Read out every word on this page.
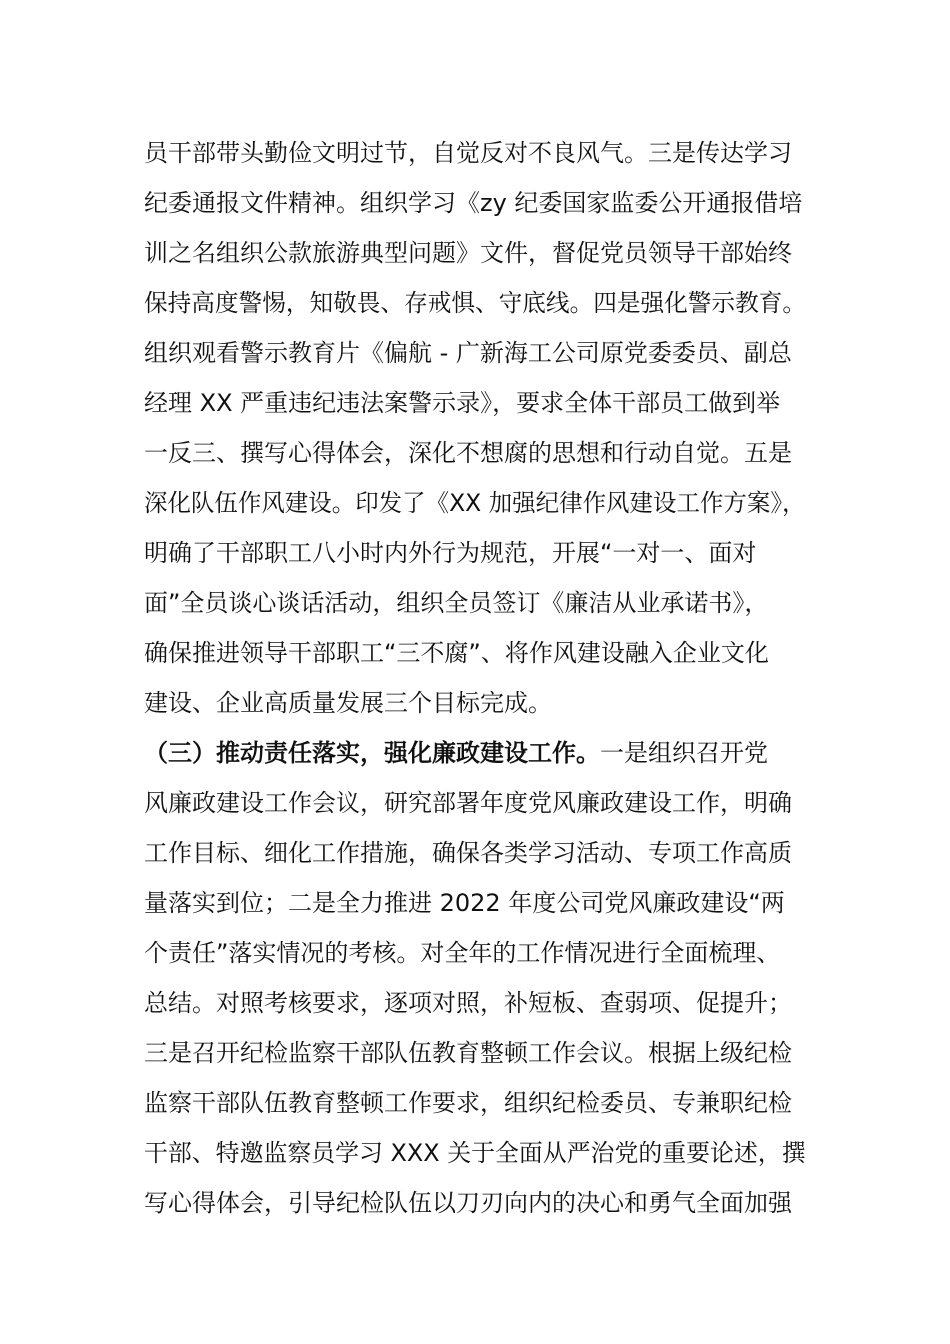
员干部带头勤俭文明过节，自觉反对不良风气。三是传达学习
纪委通报文件精神。组织学习《zy 纪委国家监委公开通报借培
训之名组织公款旅游典型问题》文件，督促党员领导干部始终
保持高度警惕，知敬畏、存戒惧、守底线。四是强化警示教育。
组织观看警示教育片《偏航 - 广新海工公司原党委委员、副总
经理 XX 严重违纪违法案警示录》，要求全体干部员工做到举
一反三、撰写心得体会，深化不想腐的思想和行动自觉。五是
深化队伍作风建设。印发了《XX 加强纪律作风建设工作方案》，
明确了干部职工八小时内外行为规范，开展“一对一、面对
面”全员谈心谈话活动，组织全员签订《廉洁从业承诺书》，
确保推进领导干部职工“三不腐”、将作风建设融入企业文化
建设、企业高质量发展三个目标完成。
（三）推动责任落实，强化廉政建设工作。一是组织召开党
风廉政建设工作会议，研究部署年度党风廉政建设工作，明确
工作目标、细化工作措施，确保各类学习活动、专项工作高质
量落实到位；二是全力推进 2022 年度公司党风廉政建设“两
个责任”落实情况的考核。对全年的工作情况进行全面梳理、
总结。对照考核要求，逐项对照，补短板、查弱项、促提升；
三是召开纪检监察干部队伍教育整顿工作会议。根据上级纪检
监察干部队伍教育整顿工作要求，组织纪检委员、专兼职纪检
干部、特邀监察员学习 XXX 关于全面从严治党的重要论述，撰
写心得体会，引导纪检队伍以刀刃向内的决心和勇气全面加强
